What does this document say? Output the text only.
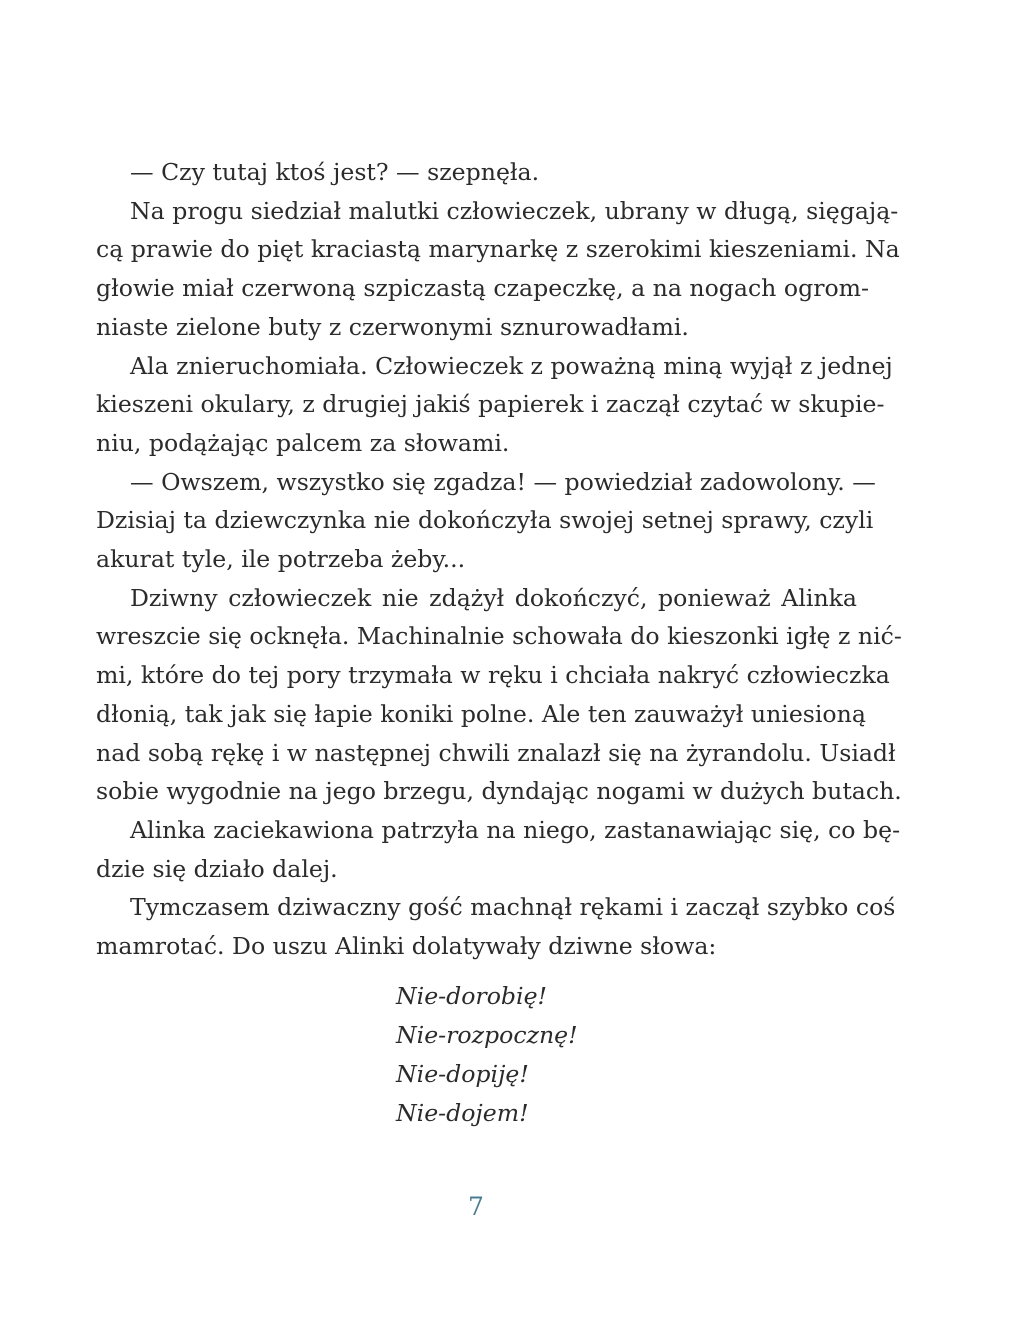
— Czy tutaj ktoś jest? — szepnęła.

Na progu siedział malutki człowieczek, ubrany w długą, sięgają-
cą prawie do pięt kraciastą marynarkę z szerokimi kieszeniami. Na
głowie miał czerwoną szpiczastą czapeczkę, a na nogach ogrom-
niaste zielone buty z czerwonymi sznurowadłami.

Ala znieruchomiała. Człowieczek z poważną miną wyjął z jednej
kieszeni okulary, z drugiej jakiś papierek i zaczął czytać w skupie-
niu, podążając palcem za słowami.

— Owszem, wszystko się zgadza! — powiedział zadowolony. —
Dzisiaj ta dziewczynka nie dokończyła swojej setnej sprawy, czyli
akurat tyle, ile potrzeba żeby...

Dziwny człowieczek nie zdążył dokończyć, ponieważ Alinka
wreszcie się ocknęła. Machinalnie schowała do kieszonki igłę z nić-
mi, które do tej pory trzymała w ręku i chciała nakryć człowieczka
dłonią, tak jak się łapie koniki polne. Ale ten zauważył uniesioną
nad sobą rękę i w następnej chwili znalazł się na żyrandolu. Usiadł
sobie wygodnie na jego brzegu, dyndając nogami w dużych butach.

Alinka zaciekawiona patrzyła na niego, zastanawiając się, co bę-
dzie się działo dalej.

Tymczasem dziwaczny gość machnął rękami i zaczął szybko coś
mamrotać. Do uszu Alinki dolatywały dziwne słowa:

Nie-dorobię!
Nie-rozpocznę!
Nie-dopiję!
Nie-dojem!
7
